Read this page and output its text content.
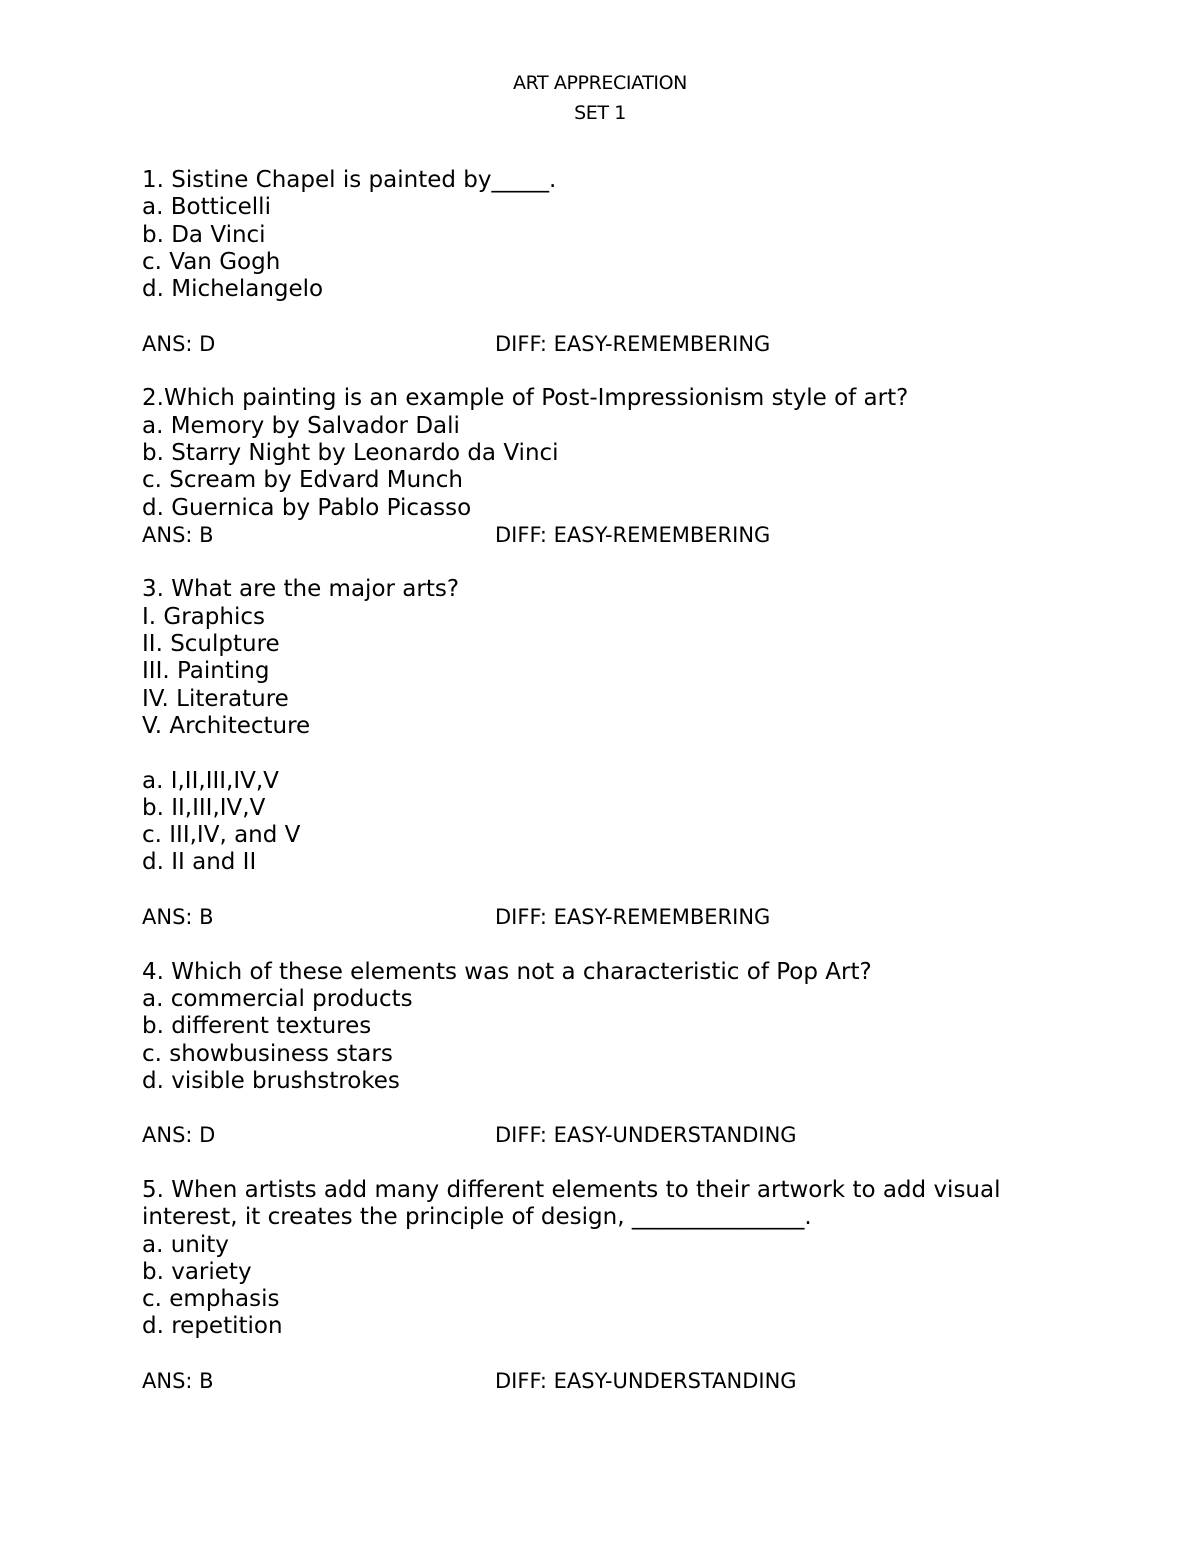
ART APPRECIATION
SET 1
1. Sistine Chapel is painted by_____.
a. Botticelli
b. Da Vinci
c. Van Gogh
d. Michelangelo
ANS: D	DIFF: EASY-REMEMBERING
2.Which painting is an example of Post-Impressionism style of art?
a. Memory by Salvador Dali
b. Starry Night by Leonardo da Vinci
c. Scream by Edvard Munch
d. Guernica by Pablo Picasso
ANS: B	DIFF: EASY-REMEMBERING
3. What are the major arts?
I. Graphics
II. Sculpture
III. Painting
IV. Literature
V. Architecture
a. I,II,III,IV,V
b. II,III,IV,V
c. III,IV, and V
d. II and II
ANS: B	DIFF: EASY-REMEMBERING
4. Which of these elements was not a characteristic of Pop Art?
a. commercial products
b. different textures
c. showbusiness stars
d. visible brushstrokes
ANS: D	DIFF: EASY-UNDERSTANDING
5. When artists add many different elements to their artwork to add visual
interest, it creates the principle of design, _______________.
a. unity
b. variety
c. emphasis
d. repetition
ANS: B	DIFF: EASY-UNDERSTANDING
